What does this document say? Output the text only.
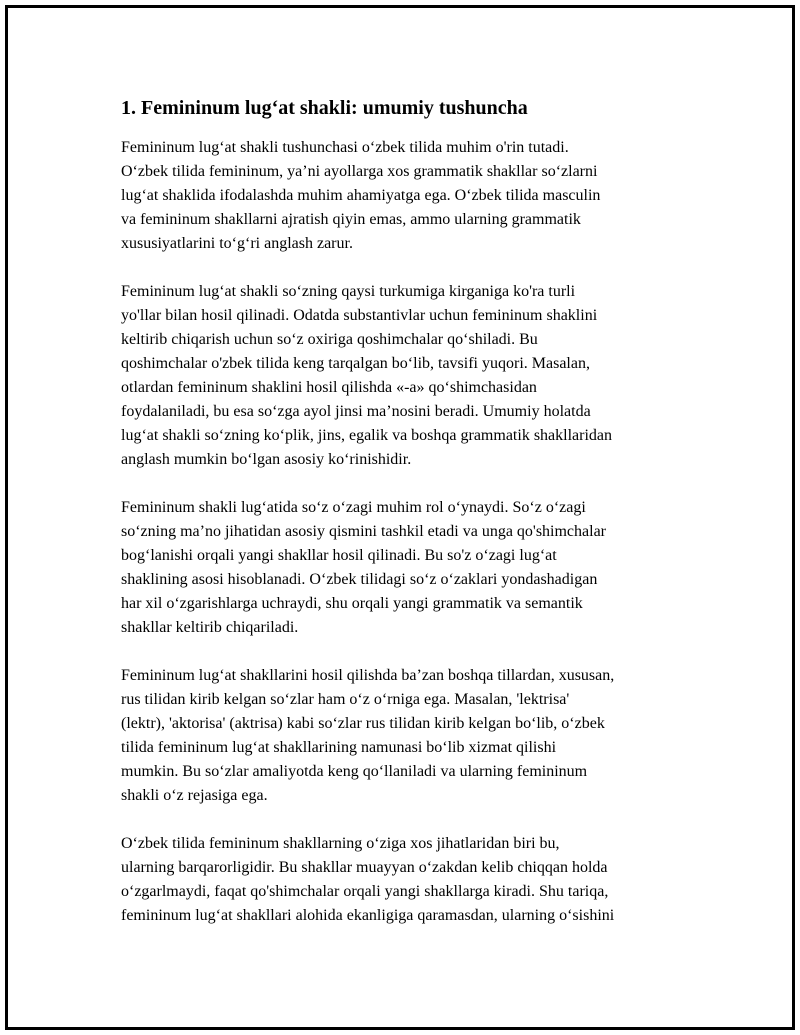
1. Femininum lug‘at shakli: umumiy tushuncha

Femininum lug‘at shakli tushunchasi o‘zbek tilida muhim o'rin tutadi.
O‘zbek tilida femininum, ya’ni ayollarga xos grammatik shakllar so‘zlarni
lug‘at shaklida ifodalashda muhim ahamiyatga ega. O‘zbek tilida masculin
va femininum shakllarni ajratish qiyin emas, ammo ularning grammatik
xususiyatlarini to‘g‘ri anglash zarur.

Femininum lug‘at shakli so‘zning qaysi turkumiga kirganiga ko'ra turli
yo'llar bilan hosil qilinadi. Odatda substantivlar uchun femininum shaklini
keltirib chiqarish uchun so‘z oxiriga qoshimchalar qo‘shiladi. Bu
qoshimchalar o'zbek tilida keng tarqalgan bo‘lib, tavsifi yuqori. Masalan,
otlardan femininum shaklini hosil qilishda «-a» qo‘shimchasidan
foydalaniladi, bu esa so‘zga ayol jinsi ma’nosini beradi. Umumiy holatda
lug‘at shakli so‘zning ko‘plik, jins, egalik va boshqa grammatik shakllaridan
anglash mumkin bo‘lgan asosiy ko‘rinishidir.

Femininum shakli lug‘atida so‘z o‘zagi muhim rol o‘ynaydi. So‘z o‘zagi
so‘zning ma’no jihatidan asosiy qismini tashkil etadi va unga qo'shimchalar
bog‘lanishi orqali yangi shakllar hosil qilinadi. Bu so'z o‘zagi lug‘at
shaklining asosi hisoblanadi. O‘zbek tilidagi so‘z o‘zaklari yondashadigan
har xil o‘zgarishlarga uchraydi, shu orqali yangi grammatik va semantik
shakllar keltirib chiqariladi.

Femininum lug‘at shakllarini hosil qilishda ba’zan boshqa tillardan, xususan,
rus tilidan kirib kelgan so‘zlar ham o‘z o‘rniga ega. Masalan, 'lektrisa'
(lektr), 'aktorisa' (aktrisa) kabi so‘zlar rus tilidan kirib kelgan bo‘lib, o‘zbek
tilida femininum lug‘at shakllarining namunasi bo‘lib xizmat qilishi
mumkin. Bu so‘zlar amaliyotda keng qo‘llaniladi va ularning femininum
shakli o‘z rejasiga ega.

O‘zbek tilida femininum shakllarning o‘ziga xos jihatlaridan biri bu,
ularning barqarorligidir. Bu shakllar muayyan o‘zakdan kelib chiqqan holda
o‘zgarlmaydi, faqat qo'shimchalar orqali yangi shakllarga kiradi. Shu tariqa,
femininum lug‘at shakllari alohida ekanligiga qaramasdan, ularning o‘sishini
